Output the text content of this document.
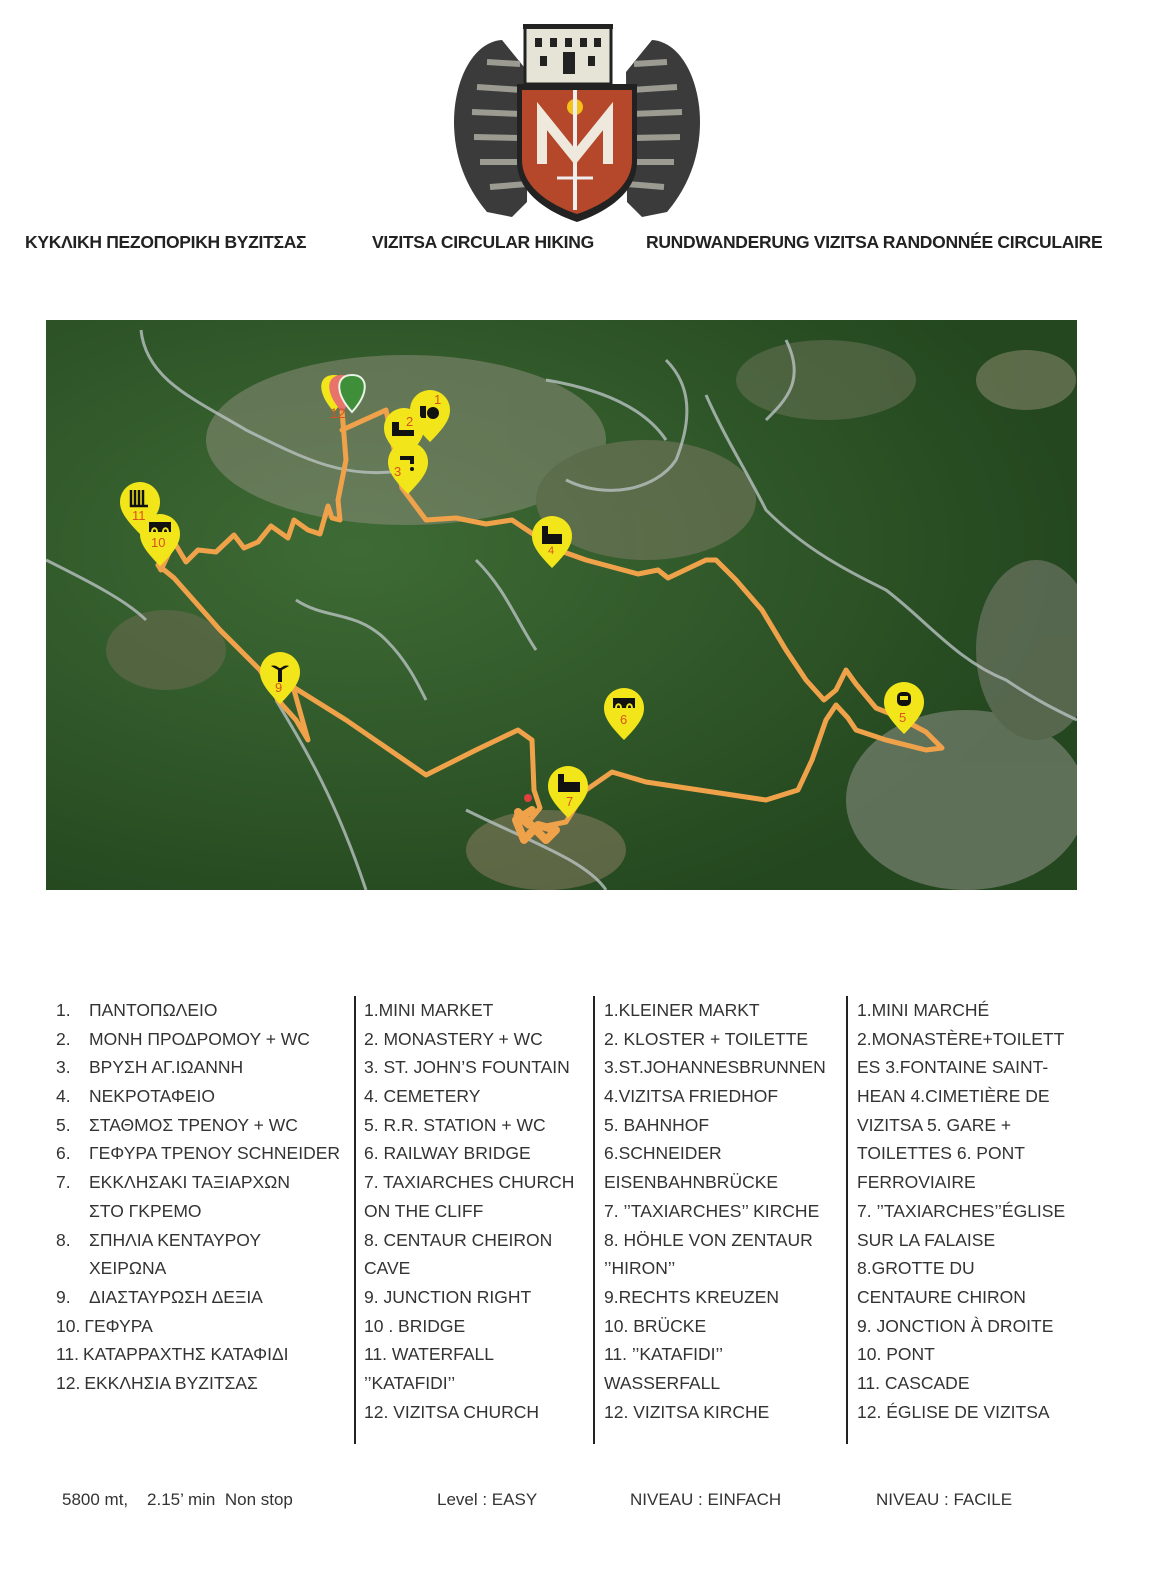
ΚΥΚΛΙΚΗ ΠΕΖΟΠΟΡΙΚΗ ΒΥΖΙΤΣΑΣ	VIZITSA CIRCULAR HIKING	RUNDWANDERUNG VIZITSA RANDONNÉE CIRCULAIRE
12
1
2
3
4
5
6
7
8
9
11
10
1. ΠΑΝΤΟΠΩΛΕΙΟ
2. ΜΟΝΗ ΠΡΟΔΡΟΜΟΥ + WC
3. ΒΡΥΣΗ ΑΓ.ΙΩΑΝΝΗ
4. ΝΕΚΡΟΤΑΦΕΙΟ
5. ΣΤΑΘΜΟΣ ΤΡΕΝΟΥ + WC
6. ΓΕΦΥΡΑ ΤΡΕΝΟΥ SCHNEIDER
7. ΕΚΚΛΗΣΑΚΙ ΤΑΞΙΑΡΧΩΝ
ΣΤΟ ΓΚΡΕΜΟ
8. ΣΠΗΛΙΑ ΚΕΝΤΑΥΡΟΥ
ΧΕΙΡΩΝΑ
9. ΔΙΑΣΤΑΥΡΩΣΗ ΔΕΞΙΑ
10. ΓΕΦΥΡΑ
11. ΚΑΤΑΡΡΑΧΤΗΣ ΚΑΤΑΦΙΔΙ
12. ΕΚΚΛΗΣΙΑ ΒΥΖΙΤΣΑΣ
1.MINI MARKET
2. MONASTERY + WC
3. ST. JOHN’S FOUNTAIN
4. CEMETERY
5. R.R. STATION + WC
6. RAILWAY BRIDGE
7. TAXIARCHES CHURCH
ON THE CLIFF
8. CENTAUR CHEIRON
CAVE
9. JUNCTION RIGHT
10 . BRIDGE
11. WATERFALL
’’KATAFIDI’’
12. VIZITSA CHURCH
1.KLEINER MARKT
2. KLOSTER + TOILETTE
3.ST.JOHANNESBRUNNEN
4.VIZITSA FRIEDHOF
5. BAHNHOF
6.SCHNEIDER
EISENBAHNBRÜCKE
7. ’’TAXIARCHES’’ KIRCHE
8. HÖHLE VON ZENTAUR
’’HIRON’’
9.RECHTS KREUZEN
10. BRÜCKE
11. ’’KATAFIDI’’
WASSERFALL
12. VIZITSA KIRCHE
1.MINI MARCHÉ
2.MONASTÈRE+TOILETT
ES 3.FONTAINE SAINT-
HEAN 4.CIMETIÈRE DE
VIZITSA 5. GARE +
TOILETTES 6. PONT
FERROVIAIRE
7. ’’TAXIARCHES’’ÉGLISE
SUR LA FALAISE
8.GROTTE DU
CENTAURE CHIRON
9. JONCTION À DROITE
10. PONT
11. CASCADE
12. ÉGLISE DE VIZITSA
5800 mt,    2.15’ min  Non stop	Level : EASY	NIVEAU : EINFACH	NIVEAU : FACILE
